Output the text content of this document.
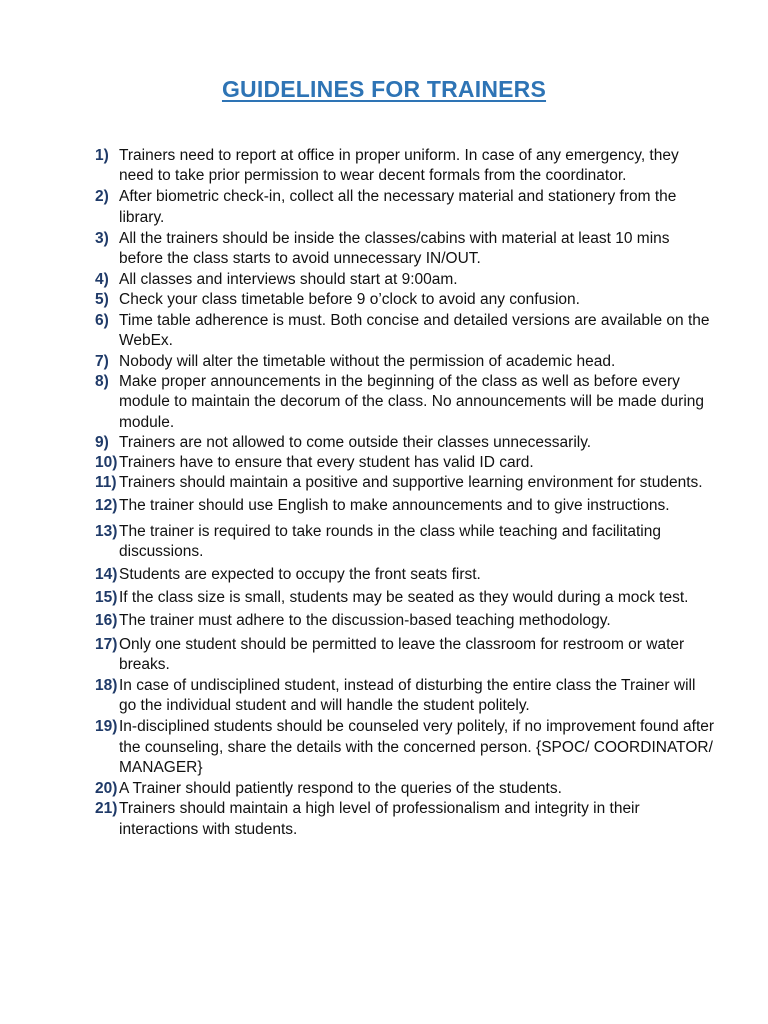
GUIDELINES FOR TRAINERS
1) Trainers need to report at office in proper uniform. In case of any emergency, they need to take prior permission to wear decent formals from the coordinator.
2) After biometric check-in, collect all the necessary material and stationery from the library.
3) All the trainers should be inside the classes/cabins with material at least 10 mins before the class starts to avoid unnecessary IN/OUT.
4) All classes and interviews should start at 9:00am.
5) Check your class timetable before 9 o’clock to avoid any confusion.
6) Time table adherence is must. Both concise and detailed versions are available on the WebEx.
7) Nobody will alter the timetable without the permission of academic head.
8) Make proper announcements in the beginning of the class as well as before every module to maintain the decorum of the class. No announcements will be made during module.
9) Trainers are not allowed to come outside their classes unnecessarily.
10) Trainers have to ensure that every student has valid ID card.
11) Trainers should maintain a positive and supportive learning environment for students.
12) The trainer should use English to make announcements and to give instructions.
13) The trainer is required to take rounds in the class while teaching and facilitating discussions.
14) Students are expected to occupy the front seats first.
15) If the class size is small, students may be seated as they would during a mock test.
16) The trainer must adhere to the discussion-based teaching methodology.
17) Only one student should be permitted to leave the classroom for restroom or water breaks.
18) In case of undisciplined student, instead of disturbing the entire class the Trainer will go the individual student and will handle the student politely.
19) In-disciplined students should be counseled very politely, if no improvement found after the counseling, share the details with the concerned person. {SPOC/ COORDINATOR/ MANAGER}
20) A Trainer should patiently respond to the queries of the students.
21) Trainers should maintain a high level of professionalism and integrity in their interactions with students.
